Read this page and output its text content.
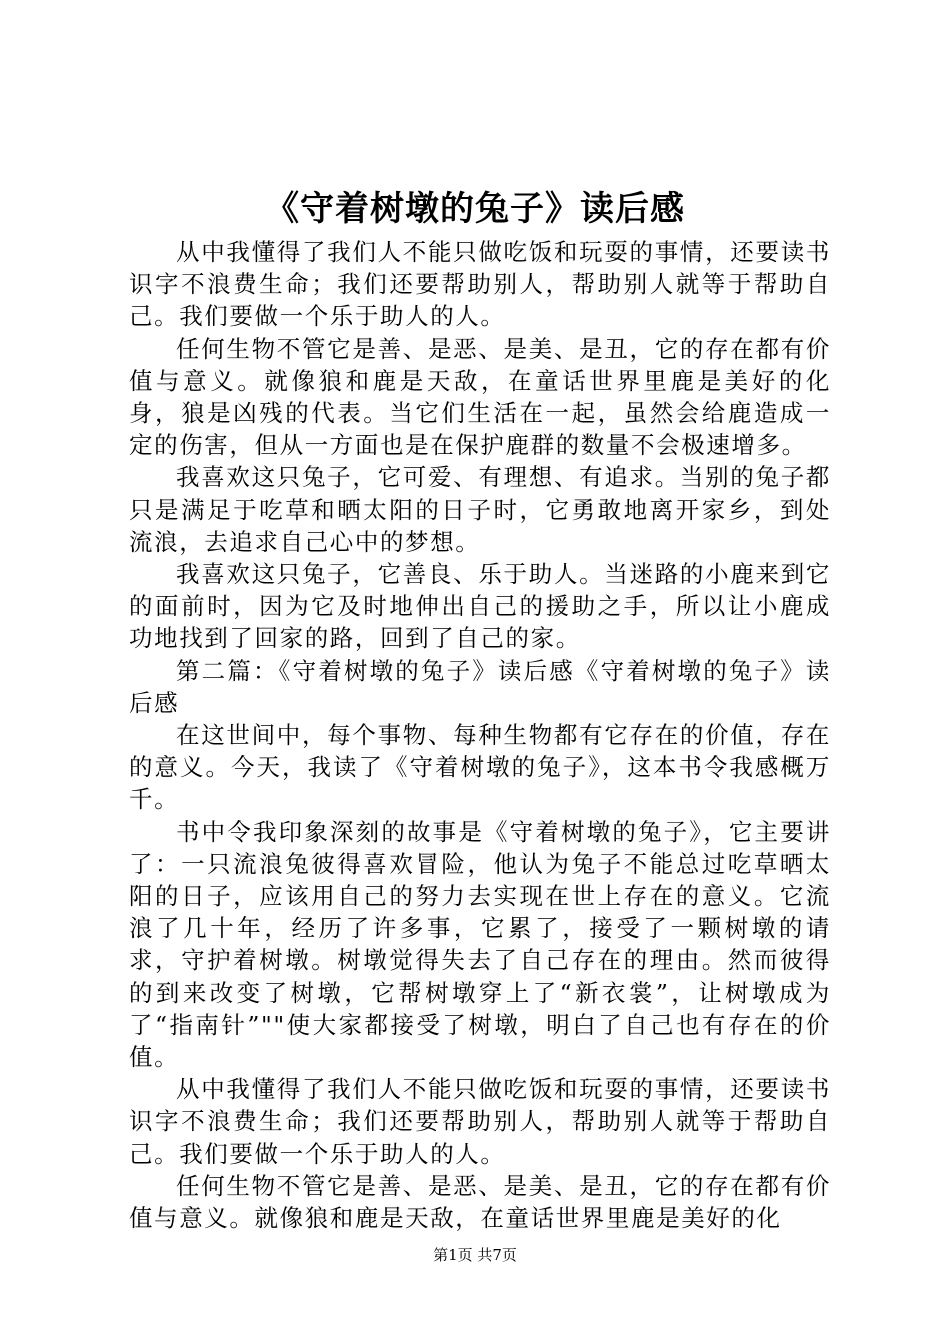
《守着树墩的兔子》读后感

从中我懂得了我们人不能只做吃饭和玩耍的事情，还要读书识字不浪费生命；我们还要帮助别人，帮助别人就等于帮助自己。我们要做一个乐于助人的人。

任何生物不管它是善、是恶、是美、是丑，它的存在都有价值与意义。就像狼和鹿是天敌，在童话世界里鹿是美好的化身，狼是凶残的代表。当它们生活在一起，虽然会给鹿造成一定的伤害，但从一方面也是在保护鹿群的数量不会极速增多。

我喜欢这只兔子，它可爱、有理想、有追求。当别的兔子都只是满足于吃草和晒太阳的日子时，它勇敢地离开家乡，到处流浪，去追求自己心中的梦想。

我喜欢这只兔子，它善良、乐于助人。当迷路的小鹿来到它的面前时，因为它及时地伸出自己的援助之手，所以让小鹿成功地找到了回家的路，回到了自己的家。

第二篇：《守着树墩的兔子》读后感《守着树墩的兔子》读后感

在这世间中，每个事物、每种生物都有它存在的价值，存在的意义。今天，我读了《守着树墩的兔子》，这本书令我感概万千。

书中令我印象深刻的故事是《守着树墩的兔子》，它主要讲了：一只流浪兔彼得喜欢冒险，他认为兔子不能总过吃草晒太阳的日子，应该用自己的努力去实现在世上存在的意义。它流浪了几十年，经历了许多事，它累了，接受了一颗树墩的请求，守护着树墩。树墩觉得失去了自己存在的理由。然而彼得的到来改变了树墩，它帮树墩穿上了“新衣裳”，让树墩成为了“指南针”""使大家都接受了树墩，明白了自己也有存在的价值。

从中我懂得了我们人不能只做吃饭和玩耍的事情，还要读书识字不浪费生命；我们还要帮助别人，帮助别人就等于帮助自己。我们要做一个乐于助人的人。

任何生物不管它是善、是恶、是美、是丑，它的存在都有价值与意义。就像狼和鹿是天敌，在童话世界里鹿是美好的化

第1页 共7页
